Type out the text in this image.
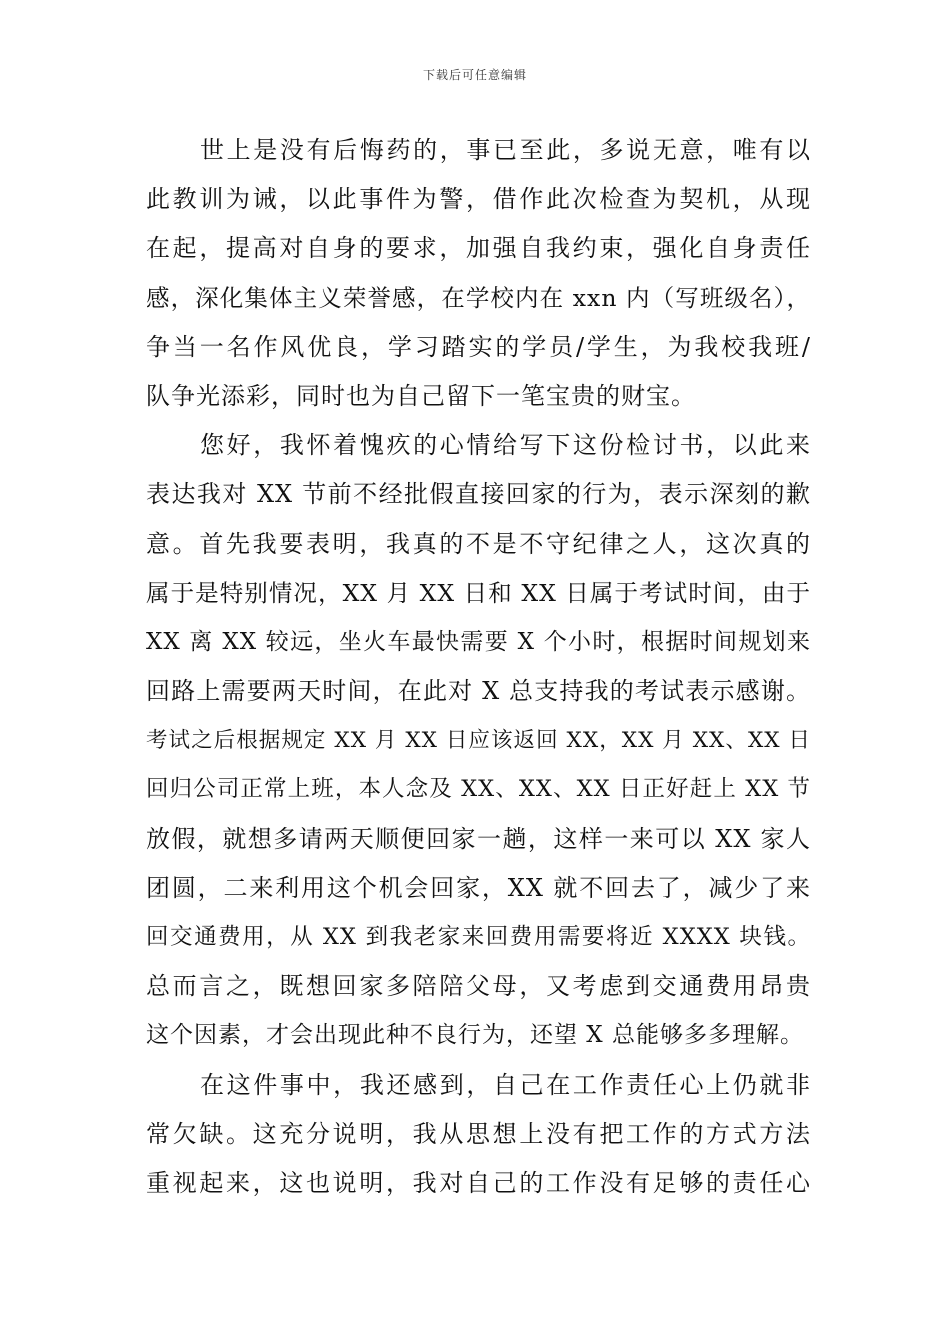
下载后可任意编辑
世上是没有后悔药的，事已至此，多说无意，唯有以
此教训为诫，以此事件为警，借作此次检查为契机，从现
在起，提高对自身的要求，加强自我约束，强化自身责任
感，深化集体主义荣誉感，在学校内在 xxn 内（写班级名），
争当一名作风优良，学习踏实的学员/学生，为我校我班/
队争光添彩，同时也为自己留下一笔宝贵的财宝。
您好，我怀着愧疚的心情给写下这份检讨书，以此来
表达我对 XX 节前不经批假直接回家的行为，表示深刻的歉
意。首先我要表明，我真的不是不守纪律之人，这次真的
属于是特别情况，XX 月 XX 日和 XX 日属于考试时间，由于
XX 离 XX 较远，坐火车最快需要 X 个小时，根据时间规划来
回路上需要两天时间，在此对 X 总支持我的考试表示感谢。
考试之后根据规定 XX 月 XX 日应该返回 XX，XX 月 XX、XX 日
回归公司正常上班，本人念及 XX、XX、XX 日正好赶上 XX 节
放假，就想多请两天顺便回家一趟，这样一来可以 XX 家人
团圆，二来利用这个机会回家，XX 就不回去了，减少了来
回交通费用，从 XX 到我老家来回费用需要将近 XXXX 块钱。
总而言之，既想回家多陪陪父母，又考虑到交通费用昂贵
这个因素，才会出现此种不良行为，还望 X 总能够多多理解。
在这件事中，我还感到，自己在工作责任心上仍就非
常欠缺。这充分说明，我从思想上没有把工作的方式方法
重视起来，这也说明，我对自己的工作没有足够的责任心
